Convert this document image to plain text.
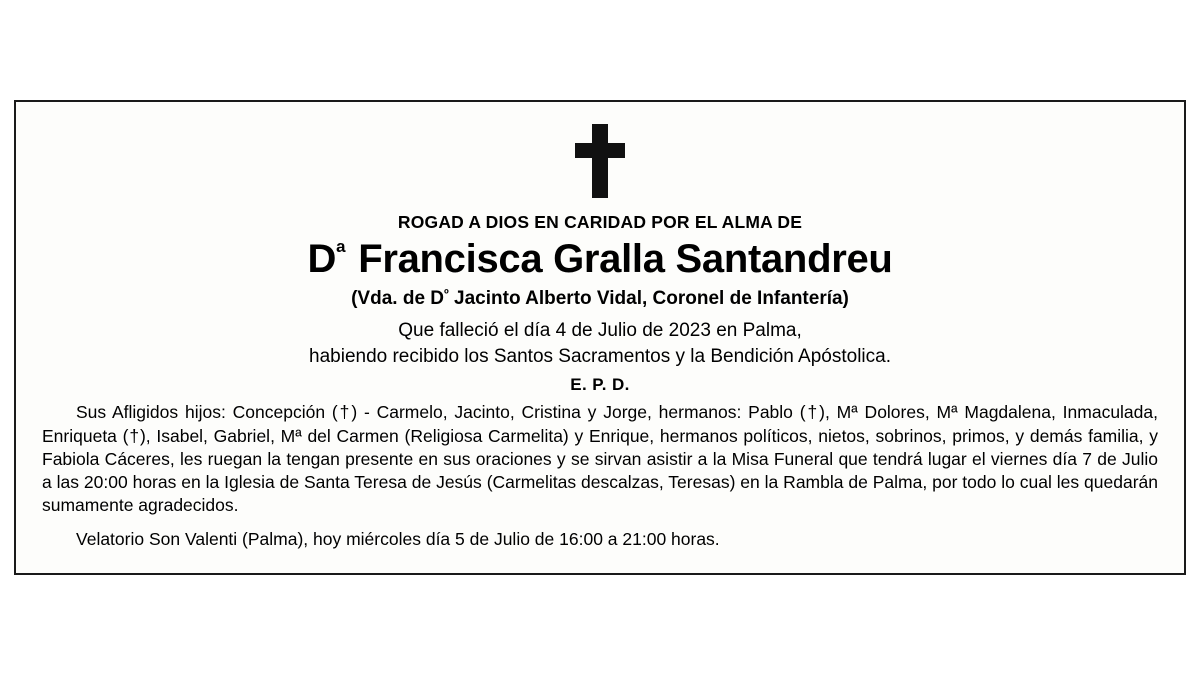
ROGAD A DIOS EN CARIDAD POR EL ALMA DE
$D^ª$ Francisca Gralla Santandreu
(Vda. de $D^º$ Jacinto Alberto Vidal, Coronel de Infantería)
Que falleció el día 4 de Julio de 2023 en Palma,
habiendo recibido los Santos Sacramentos y la Bendición Apóstolica.
E. P. D.

Sus Afligidos hijos: Concepción (†) - Carmelo, Jacinto, Cristina y Jorge, hermanos: Pablo (†), Mª Dolores, Mª Magdalena, Inmaculada, Enriqueta (†), Isabel, Gabriel, Mª del Carmen (Religiosa Carmelita) y Enrique, hermanos políticos, nietos, sobrinos, primos, y demás familia, y Fabiola Cáceres, les ruegan la tengan presente en sus oraciones y se sirvan asistir a la Misa Funeral que tendrá lugar el viernes día 7 de Julio a las 20:00 horas en la Iglesia de Santa Teresa de Jesús (Carmelitas descalzas, Teresas) en la Rambla de Palma, por todo lo cual les quedarán sumamente agradecidos.

Velatorio Son Valenti (Palma), hoy miércoles día 5 de Julio de 16:00 a 21:00 horas.
